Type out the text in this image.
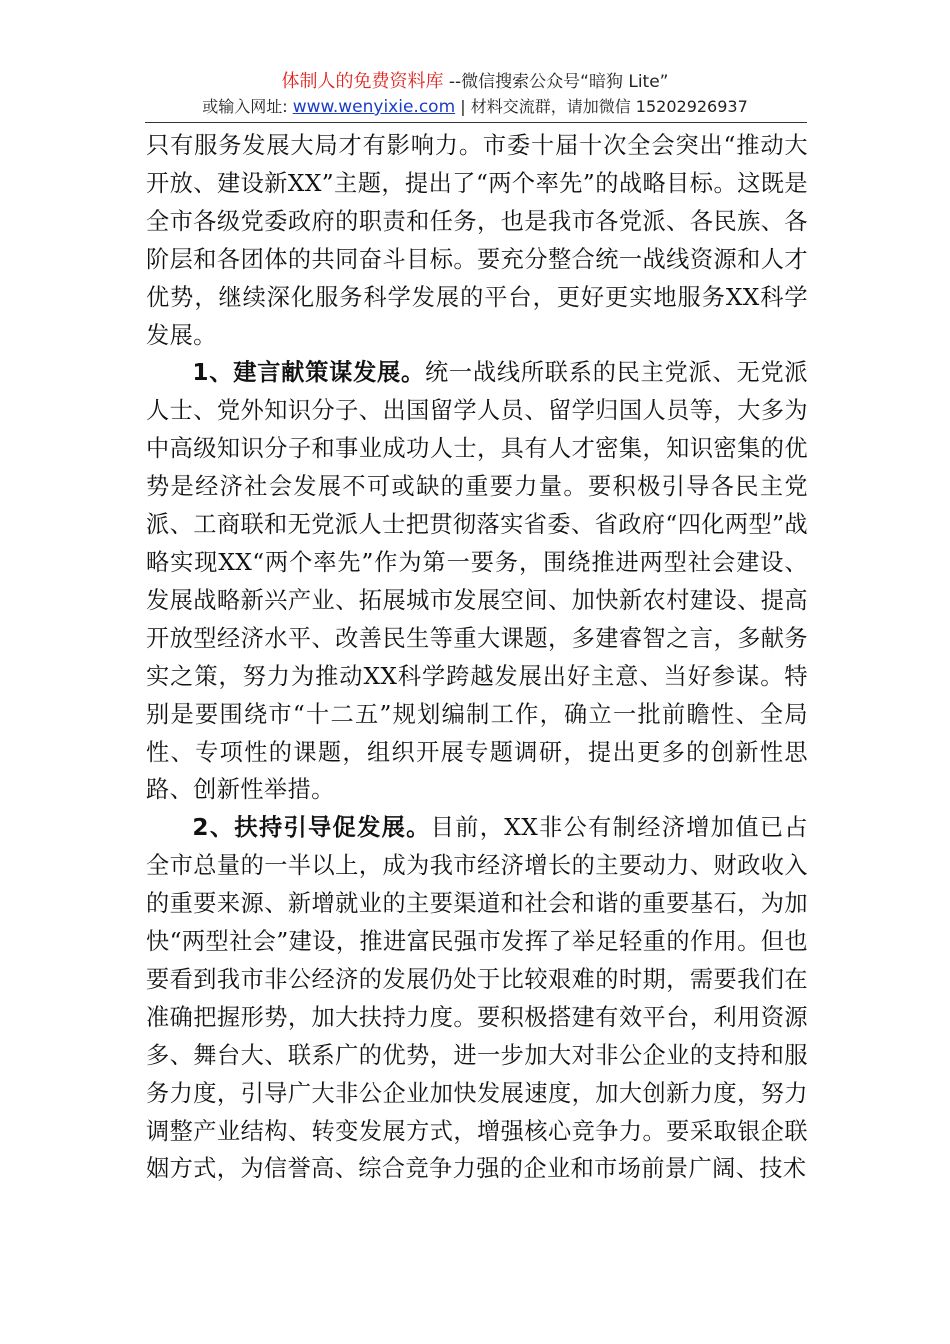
体制人的免费资料库 --微信搜索公众号“暗狗 Lite”
或输入网址: www.wenyixie.com | 材料交流群，请加微信 15202926937

只有服务发展大局才有影响力。市委十届十次全会突出“推动大开放、建设新XX”主题，提出了“两个率先”的战略目标。这既是全市各级党委政府的职责和任务，也是我市各党派、各民族、各阶层和各团体的共同奋斗目标。要充分整合统一战线资源和人才优势，继续深化服务科学发展的平台，更好更实地服务XX科学发展。

1、建言献策谋发展。统一战线所联系的民主党派、无党派人士、党外知识分子、出国留学人员、留学归国人员等，大多为中高级知识分子和事业成功人士，具有人才密集，知识密集的优势是经济社会发展不可或缺的重要力量。要积极引导各民主党派、工商联和无党派人士把贯彻落实省委、省政府“四化两型”战略实现XX“两个率先”作为第一要务，围绕推进两型社会建设、发展战略新兴产业、拓展城市发展空间、加快新农村建设、提高开放型经济水平、改善民生等重大课题，多建睿智之言，多献务实之策，努力为推动XX科学跨越发展出好主意、当好参谋。特别是要围绕市“十二五”规划编制工作，确立一批前瞻性、全局性、专项性的课题，组织开展专题调研，提出更多的创新性思路、创新性举措。

2、扶持引导促发展。目前，XX非公有制经济增加值已占全市总量的一半以上，成为我市经济增长的主要动力、财政收入的重要来源、新增就业的主要渠道和社会和谐的重要基石，为加快“两型社会”建设，推进富民强市发挥了举足轻重的作用。但也要看到我市非公经济的发展仍处于比较艰难的时期，需要我们在准确把握形势，加大扶持力度。要积极搭建有效平台，利用资源多、舞台大、联系广的优势，进一步加大对非公企业的支持和服务力度，引导广大非公企业加快发展速度，加大创新力度，努力调整产业结构、转变发展方式，增强核心竞争力。要采取银企联姻方式，为信誉高、综合竞争力强的企业和市场前景广阔、技术
